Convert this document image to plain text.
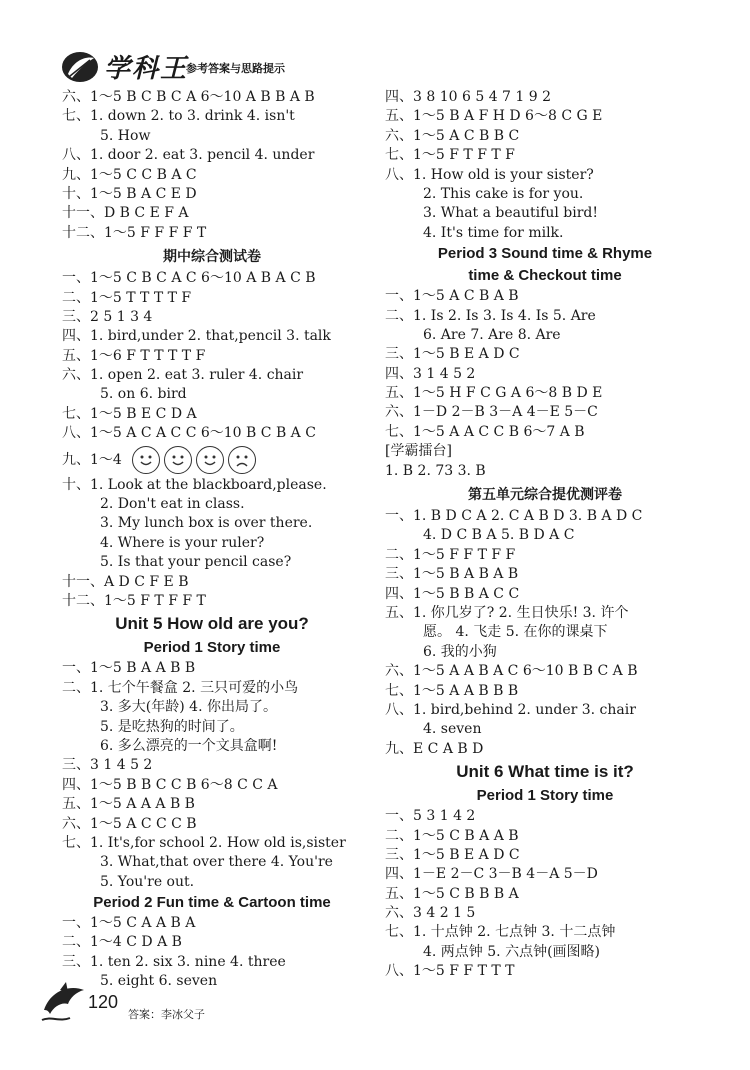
学科王
参考答案与思路提示
六、1～5 B C B C A 6～10 A B B A B
七、1. down 2. to 3. drink 4. isn't
5. How
八、1. door 2. eat 3. pencil 4. under
九、1～5 C C B A C
十、1～5 B A C E D
十一、D B C E F A
十二、1～5 F F F F T
期中综合测试卷
一、1～5 C B C A C 6～10 A B A C B
二、1～5 T T T T F
三、2 5 1 3 4
四、1. bird,under 2. that,pencil 3. talk
五、1～6 F T T T T F
六、1. open 2. eat 3. ruler 4. chair
5. on 6. bird
七、1～5 B E C D A
八、1～5 A C A C C 6～10 B C B A C
九、1～4
十、1. Look at the blackboard,please.
2. Don't eat in class.
3. My lunch box is over there.
4. Where is your ruler?
5. Is that your pencil case?
十一、A D C F E B
十二、1～5 F T F F T
Unit 5 How old are you?
Period 1 Story time
一、1～5 B A A B B
二、1. 七个午餐盒 2. 三只可爱的小鸟
3. 多大(年龄) 4. 你出局了。
5. 是吃热狗的时间了。
6. 多么漂亮的一个文具盒啊!
三、3 1 4 5 2
四、1～5 B B C C B 6～8 C C A
五、1～5 A A A B B
六、1～5 A C C C B
七、1. It's,for school 2. How old is,sister
3. What,that over there 4. You're
5. You're out.
Period 2 Fun time & Cartoon time
一、1～5 C A A B A
二、1～4 C D A B
三、1. ten 2. six 3. nine 4. three
5. eight 6. seven
四、3 8 10 6 5 4 7 1 9 2
五、1～5 B A F H D 6～8 C G E
六、1～5 A C B B C
七、1～5 F T F T F
八、1. How old is your sister?
2. This cake is for you.
3. What a beautiful bird!
4. It's time for milk.
Period 3 Sound time & Rhyme
time & Checkout time
一、1～5 A C B A B
二、1. Is 2. Is 3. Is 4. Is 5. Are
6. Are 7. Are 8. Are
三、1～5 B E A D C
四、3 1 4 5 2
五、1～5 H F C G A 6～8 B D E
六、1－D 2－B 3－A 4－E 5－C
七、1～5 A A C C B 6～7 A B
[学霸擂台]
1. B 2. 73 3. B
第五单元综合提优测评卷
一、1. B D C A 2. C A B D 3. B A D C
4. D C B A 5. B D A C
二、1～5 F F T F F
三、1～5 B A B A B
四、1～5 B B A C C
五、1. 你几岁了? 2. 生日快乐! 3. 许个
愿。 4. 飞走 5. 在你的课桌下
6. 我的小狗
六、1～5 A A B A C 6～10 B B C A B
七、1～5 A A B B B
八、1. bird,behind 2. under 3. chair
4. seven
九、E C A B D
Unit 6 What time is it?
Period 1 Story time
一、5 3 1 4 2
二、1～5 C B A A B
三、1～5 B E A D C
四、1－E 2－C 3－B 4－A 5－D
五、1～5 C B B B A
六、3 4 2 1 5
七、1. 十点钟 2. 七点钟 3. 十二点钟
4. 两点钟 5. 六点钟(画图略)
八、1～5 F F T T T
120
答案：李冰父子
